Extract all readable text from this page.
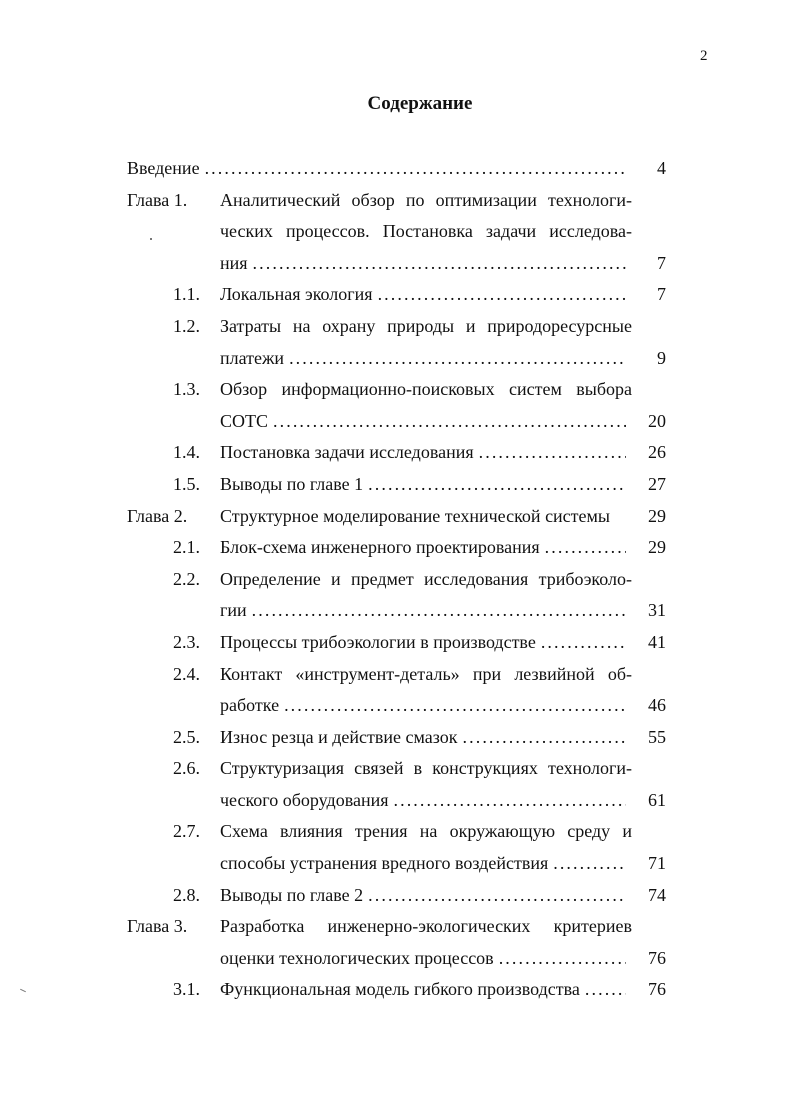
2
Содержание
Введение . . .	4
Глава 1. Аналитический обзор по оптимизации технологи-
ческих процессов. Постановка задачи исследова-
ния . . .	7
1.1. Локальная экология . . .	7
1.2. Затраты на охрану природы и природоресурсные
платежи . . .	9
1.3. Обзор информационно-поисковых систем выбора
СОТС . . .	20
1.4. Постановка задачи исследования . . .	26
1.5. Выводы по главе 1 . . .	27
Глава 2. Структурное моделирование технической системы 29
2.1. Блок-схема инженерного проектирования . . .	29
2.2. Определение и предмет исследования трибоэколо-
гии . . .	31
2.3. Процессы трибоэкологии в производстве . . .	41
2.4. Контакт «инструмент-деталь» при лезвийной об-
работке . . .	46
2.5. Износ резца и действие смазок . . .	55
2.6. Структуризация связей в конструкциях технологи-
ческого оборудования . . .	61
2.7. Схема влияния трения на окружающую среду и
способы устранения вредного воздействия . . .	71
2.8. Выводы по главе 2 . . .	74
Глава 3. Разработка инженерно-экологических критериев
оценки технологических процессов . . .	76
3.1. Функциональная модель гибкого производства . . .	76
